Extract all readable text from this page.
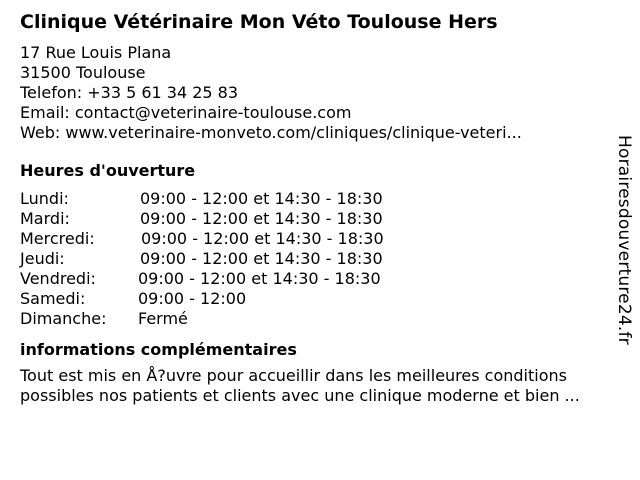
Clinique Vétérinaire Mon Véto Toulouse Hers
17 Rue Louis Plana
31500 Toulouse
Telefon: +33 5 61 34 25 83
Email: contact@veterinaire-toulouse.com
Web: www.veterinaire-monveto.com/cliniques/clinique-veteri...
Heures d'ouverture
Lundi:	09:00 - 12:00 et 14:30 - 18:30
Mardi:	09:00 - 12:00 et 14:30 - 18:30
Mercredi:	09:00 - 12:00 et 14:30 - 18:30
Jeudi:	09:00 - 12:00 et 14:30 - 18:30
Vendredi:	09:00 - 12:00 et 14:30 - 18:30
Samedi:	09:00 - 12:00
Dimanche:	Fermé
informations complémentaires
Tout est mis en Å?uvre pour accueillir dans les meilleures conditions
possibles nos patients et clients avec une clinique moderne et bien ...
Horairesdouverture24.fr
